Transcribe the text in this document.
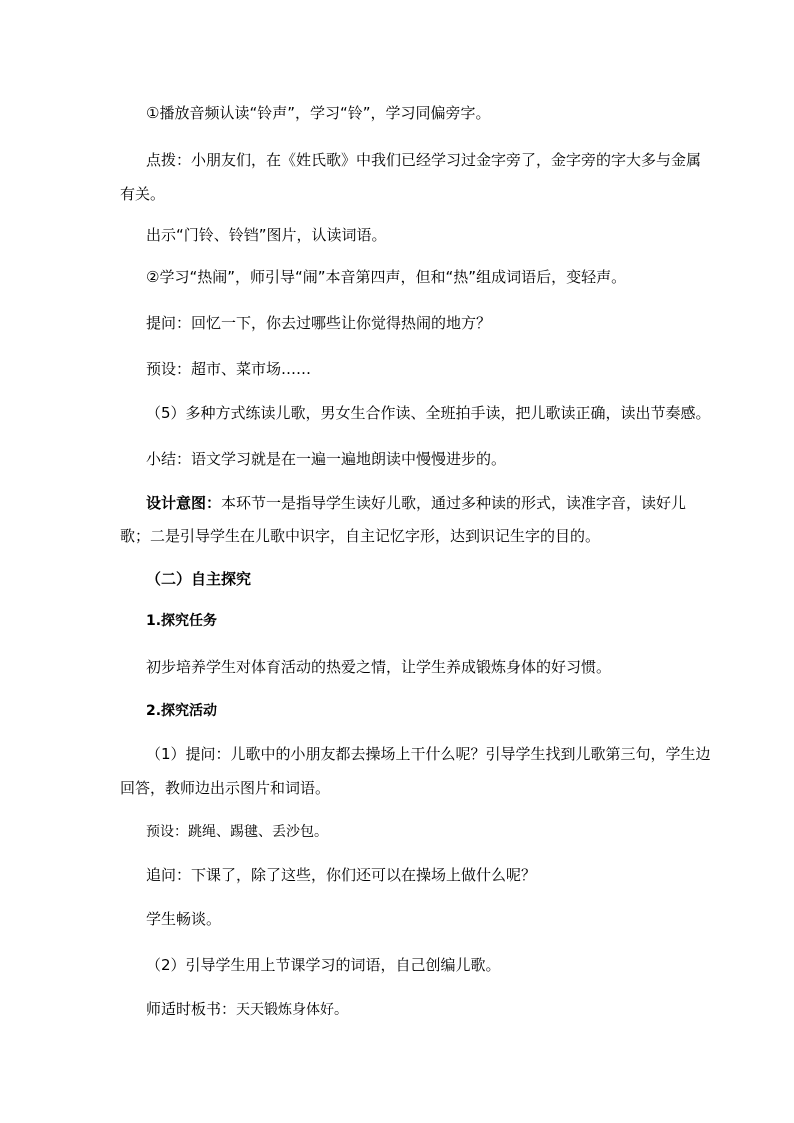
①播放音频认读“铃声”，学习“铃”，学习同偏旁字。
点拨：小朋友们，在《姓氏歌》中我们已经学习过金字旁了，金字旁的字大多与金属
有关。
出示“门铃、铃铛”图片，认读词语。
②学习“热闹”，师引导“闹”本音第四声，但和“热”组成词语后，变轻声。
提问：回忆一下，你去过哪些让你觉得热闹的地方？
预设：超市、菜市场……
（5）多种方式练读儿歌，男女生合作读、全班拍手读，把儿歌读正确，读出节奏感。
小结：语文学习就是在一遍一遍地朗读中慢慢进步的。
设计意图：本环节一是指导学生读好儿歌，通过多种读的形式，读准字音，读好儿
歌；二是引导学生在儿歌中识字，自主记忆字形，达到识记生字的目的。
（二）自主探究
1.探究任务
初步培养学生对体育活动的热爱之情，让学生养成锻炼身体的好习惯。
2.探究活动
（1）提问：儿歌中的小朋友都去操场上干什么呢？引导学生找到儿歌第三句，学生边
回答，教师边出示图片和词语。
预设：跳绳、踢毽、丢沙包。
追问：下课了，除了这些，你们还可以在操场上做什么呢？
学生畅谈。
（2）引导学生用上节课学习的词语，自己创编儿歌。
师适时板书：天天锻炼身体好。
